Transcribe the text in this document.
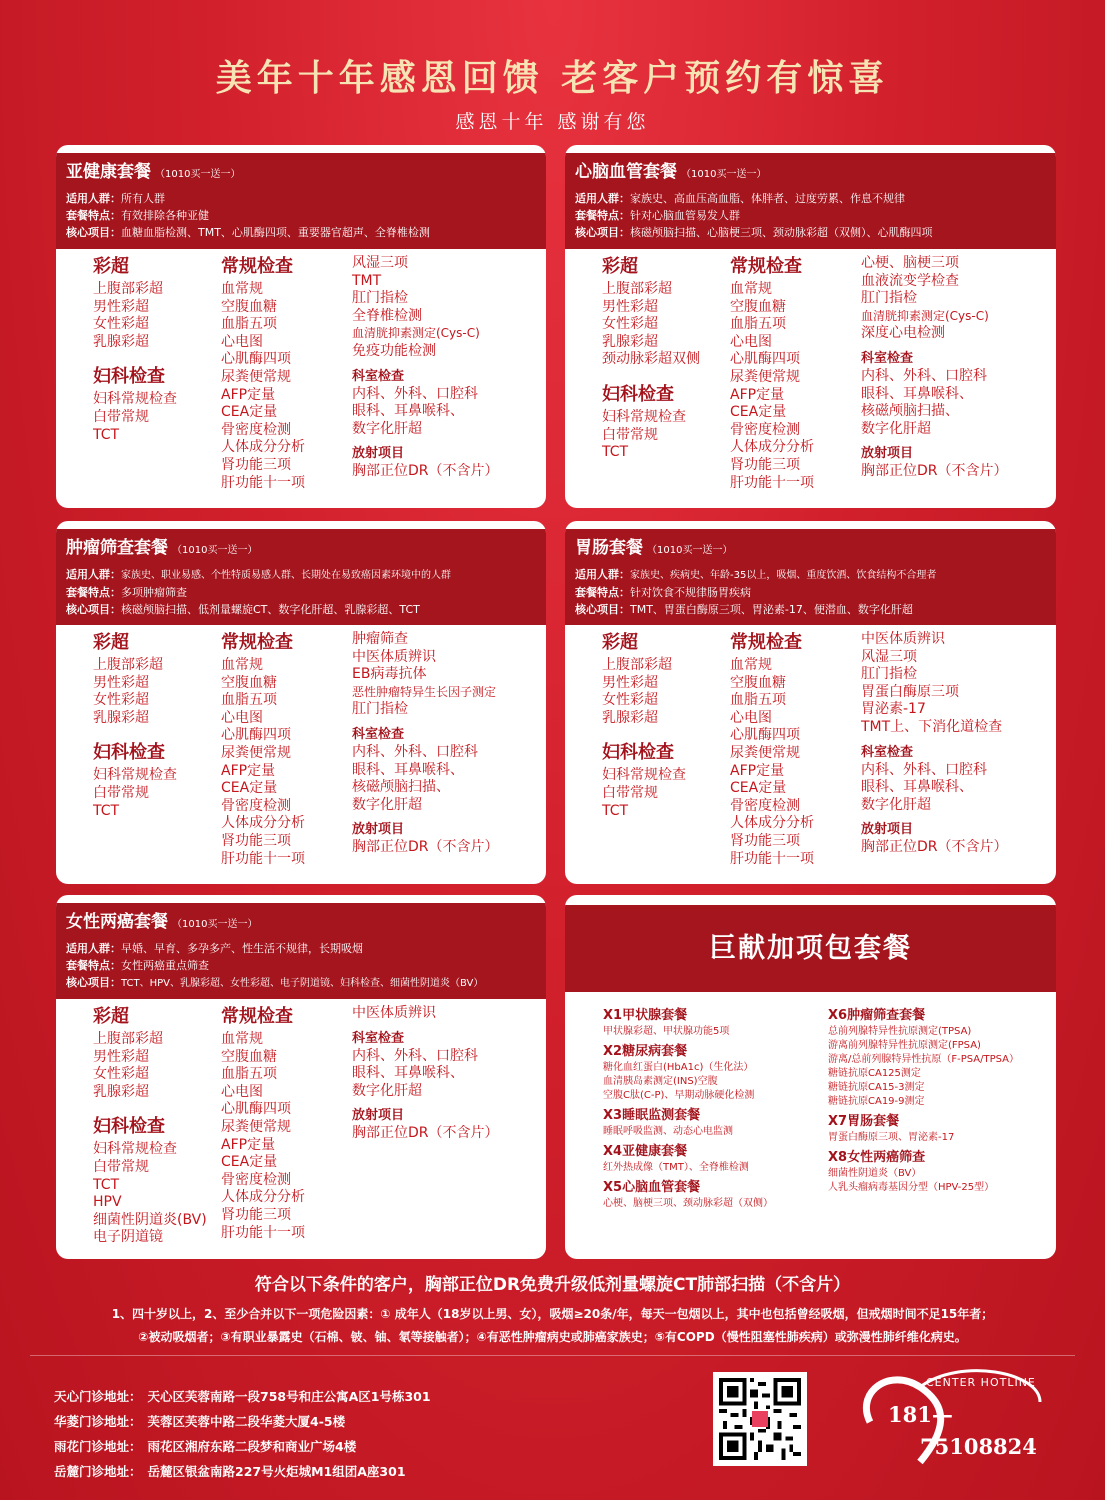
美年十年感恩回馈 老客户预约有惊喜
感恩十年 感谢有您
亚健康套餐 （1010买一送一）
适用人群：所有人群
套餐特点：有效排除各种亚健
核心项目：血糖血脂检测、TMT、心肌酶四项、重要器官超声、全脊椎检测
彩超
上腹部彩超
男性彩超
女性彩超
乳腺彩超
妇科检查
妇科常规检查
白带常规
TCT
常规检查
血常规
空腹血糖
血脂五项
心电图
心肌酶四项
尿粪便常规
AFP定量
CEA定量
骨密度检测
人体成分分析
肾功能三项
肝功能十一项
风湿三项
TMT
肛门指检
全脊椎检测
血清胱抑素测定(Cys-C)
免疫功能检测
科室检查
内科、外科、口腔科
眼科、耳鼻喉科、
数字化肝超
放射项目
胸部正位DR（不含片）
心脑血管套餐 （1010买一送一）
适用人群：家族史、高血压高血脂、体胖者、过度劳累、作息不规律
套餐特点：针对心脑血管易发人群
核心项目：核磁颅脑扫描、心脑梗三项、颈动脉彩超（双侧）、心肌酶四项
彩超
上腹部彩超
男性彩超
女性彩超
乳腺彩超
颈动脉彩超双侧
妇科检查
妇科常规检查
白带常规
TCT
常规检查
血常规
空腹血糖
血脂五项
心电图
心肌酶四项
尿粪便常规
AFP定量
CEA定量
骨密度检测
人体成分分析
肾功能三项
肝功能十一项
心梗、脑梗三项
血液流变学检查
肛门指检
血清胱抑素测定(Cys-C)
深度心电检测
科室检查
内科、外科、口腔科
眼科、耳鼻喉科、
核磁颅脑扫描、
数字化肝超
放射项目
胸部正位DR（不含片）
肿瘤筛查套餐 （1010买一送一）
适用人群：家族史、职业易感、个性特质易感人群、长期处在易致癌因素环境中的人群
套餐特点：多项肿瘤筛查
核心项目：核磁颅脑扫描、低剂量螺旋CT、数字化肝超、乳腺彩超、TCT
彩超
上腹部彩超
男性彩超
女性彩超
乳腺彩超
妇科检查
妇科常规检查
白带常规
TCT
常规检查
血常规
空腹血糖
血脂五项
心电图
心肌酶四项
尿粪便常规
AFP定量
CEA定量
骨密度检测
人体成分分析
肾功能三项
肝功能十一项
肿瘤筛查
中医体质辨识
EB病毒抗体
恶性肿瘤特异生长因子测定
肛门指检
科室检查
内科、外科、口腔科
眼科、耳鼻喉科、
核磁颅脑扫描、
数字化肝超
放射项目
胸部正位DR（不含片）
胃肠套餐 （1010买一送一）
适用人群：家族史、疾病史、年龄-35以上，吸烟、重度饮酒、饮食结构不合理者
套餐特点：针对饮食不规律肠胃疾病
核心项目：TMT、胃蛋白酶原三项、胃泌素-17、便潜血、数字化肝超
彩超
上腹部彩超
男性彩超
女性彩超
乳腺彩超
妇科检查
妇科常规检查
白带常规
TCT
常规检查
血常规
空腹血糖
血脂五项
心电图
心肌酶四项
尿粪便常规
AFP定量
CEA定量
骨密度检测
人体成分分析
肾功能三项
肝功能十一项
中医体质辨识
风湿三项
肛门指检
胃蛋白酶原三项
胃泌素-17
TMT上、下消化道检查
科室检查
内科、外科、口腔科
眼科、耳鼻喉科、
数字化肝超
放射项目
胸部正位DR（不含片）
女性两癌套餐 （1010买一送一）
适用人群：早婚、早育、多孕多产、性生活不规律，长期吸烟
套餐特点：女性两癌重点筛查
核心项目：TCT、HPV、乳腺彩超、女性彩超、电子阴道镜、妇科检查、细菌性阴道炎（BV）
彩超
上腹部彩超
男性彩超
女性彩超
乳腺彩超
妇科检查
妇科常规检查
白带常规
TCT
HPV
细菌性阴道炎(BV)
电子阴道镜
常规检查
血常规
空腹血糖
血脂五项
心电图
心肌酶四项
尿粪便常规
AFP定量
CEA定量
骨密度检测
人体成分分析
肾功能三项
肝功能十一项
中医体质辨识
科室检查
内科、外科、口腔科
眼科、耳鼻喉科、
数字化肝超
放射项目
胸部正位DR（不含片）
巨献加项包套餐
X1甲状腺套餐
甲状腺彩超、甲状腺功能5项
X2糖尿病套餐
糖化血红蛋白(HbA1c)（生化法）
血清胰岛素测定(INS)空腹
空腹C肽(C-P)、早期动脉硬化检测
X3睡眠监测套餐
睡眠呼吸监测、动态心电监测
X4亚健康套餐
红外热成像（TMT）、全脊椎检测
X5心脑血管套餐
心梗、脑梗三项、颈动脉彩超（双侧）
X6肿瘤筛查套餐
总前列腺特异性抗原测定(TPSA)
游离前列腺特异性抗原测定(FPSA)
游离/总前列腺特异性抗原（F-PSA/TPSA）
糖链抗原CA125测定
糖链抗原CA15-3测定
糖链抗原CA19-9测定
X7胃肠套餐
胃蛋白酶原三项、胃泌素-17
X8女性两癌筛查
细菌性阴道炎（BV）
人乳头瘤病毒基因分型（HPV-25型）
符合以下条件的客户，胸部正位DR免费升级低剂量螺旋CT肺部扫描（不含片）
1、四十岁以上，2、至少合并以下一项危险因素：① 成年人（18岁以上男、女），吸烟≥20条/年，每天一包烟以上，其中也包括曾经吸烟，但戒烟时间不足15年者；
②被动吸烟者；③有职业暴露史（石棉、铍、铀、氡等接触者）；④有恶性肿瘤病史或肺癌家族史；⑤有COPD（慢性阻塞性肺疾病）或弥漫性肺纤维化病史。
天心门诊地址： 天心区芙蓉南路一段758号和庄公寓A区1号栋301
华菱门诊地址： 芙蓉区芙蓉中路二段华菱大厦4-5楼
雨花门诊地址： 雨花区湘府东路二段梦和商业广场4楼
岳麓门诊地址： 岳麓区银盆南路227号火炬城M1组团A座301
CENTER HOTLINE
181—
75108824
